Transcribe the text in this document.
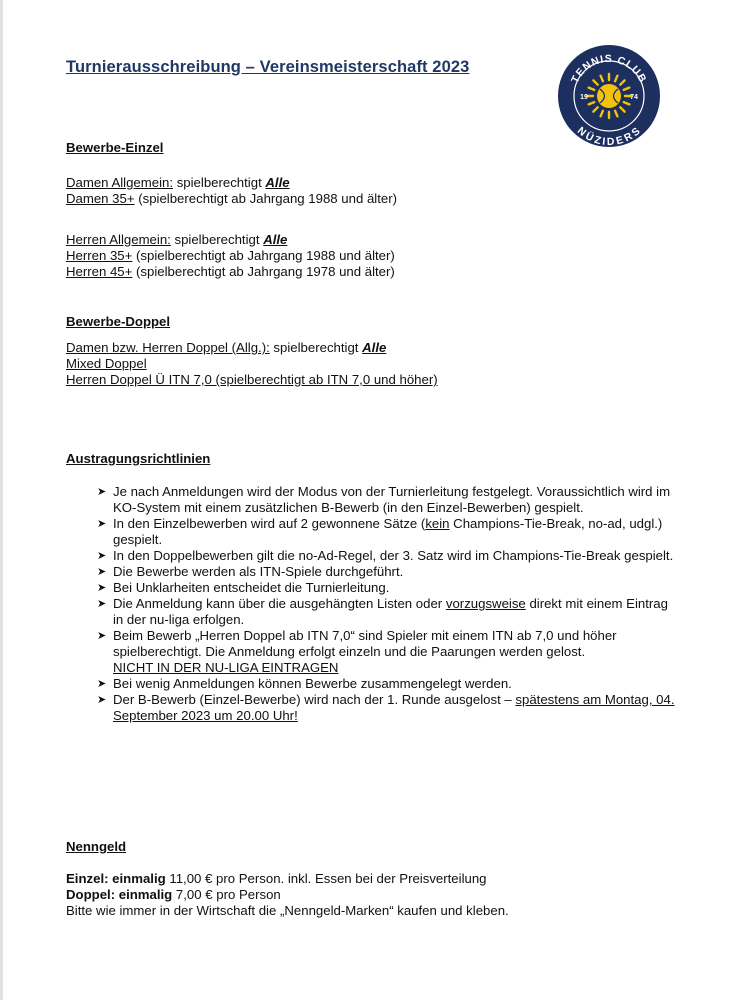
Turnierausschreibung – Vereinsmeisterschaft 2023
TENNIS CLUB
NÜZIDERS
19	74
Bewerbe-Einzel
Damen Allgemein: spielberechtigt Alle
Damen 35+ (spielberechtigt ab Jahrgang 1988 und älter)
Herren Allgemein: spielberechtigt Alle
Herren 35+ (spielberechtigt ab Jahrgang 1988 und älter)
Herren 45+ (spielberechtigt ab Jahrgang 1978 und älter)
Bewerbe-Doppel
Damen bzw. Herren Doppel (Allg.): spielberechtigt Alle
Mixed Doppel
Herren Doppel Ü ITN 7,0 (spielberechtigt ab ITN 7,0 und höher)
Austragungsrichtlinien
➤ Je nach Anmeldungen wird der Modus von der Turnierleitung festgelegt. Voraussichtlich wird im KO-System mit einem zusätzlichen B-Bewerb (in den Einzel-Bewerben) gespielt.
➤ In den Einzelbewerben wird auf 2 gewonnene Sätze (kein Champions-Tie-Break, no-ad, udgl.) gespielt.
➤ In den Doppelbewerben gilt die no-Ad-Regel, der 3. Satz wird im Champions-Tie-Break gespielt.
➤ Die Bewerbe werden als ITN-Spiele durchgeführt.
➤ Bei Unklarheiten entscheidet die Turnierleitung.
➤ Die Anmeldung kann über die ausgehängten Listen oder vorzugsweise direkt mit einem Eintrag in der nu-liga erfolgen.
➤ Beim Bewerb „Herren Doppel ab ITN 7,0“ sind Spieler mit einem ITN ab 7,0 und höher spielberechtigt. Die Anmeldung erfolgt einzeln und die Paarungen werden gelost.
NICHT IN DER NU-LIGA EINTRAGEN
➤ Bei wenig Anmeldungen können Bewerbe zusammengelegt werden.
➤ Der B-Bewerb (Einzel-Bewerbe) wird nach der 1. Runde ausgelost – spätestens am Montag, 04. September 2023 um 20.00 Uhr!
Nenngeld
Einzel: einmalig 11,00 € pro Person. inkl. Essen bei der Preisverteilung
Doppel: einmalig 7,00 € pro Person
Bitte wie immer in der Wirtschaft die „Nenngeld-Marken“ kaufen und kleben.
